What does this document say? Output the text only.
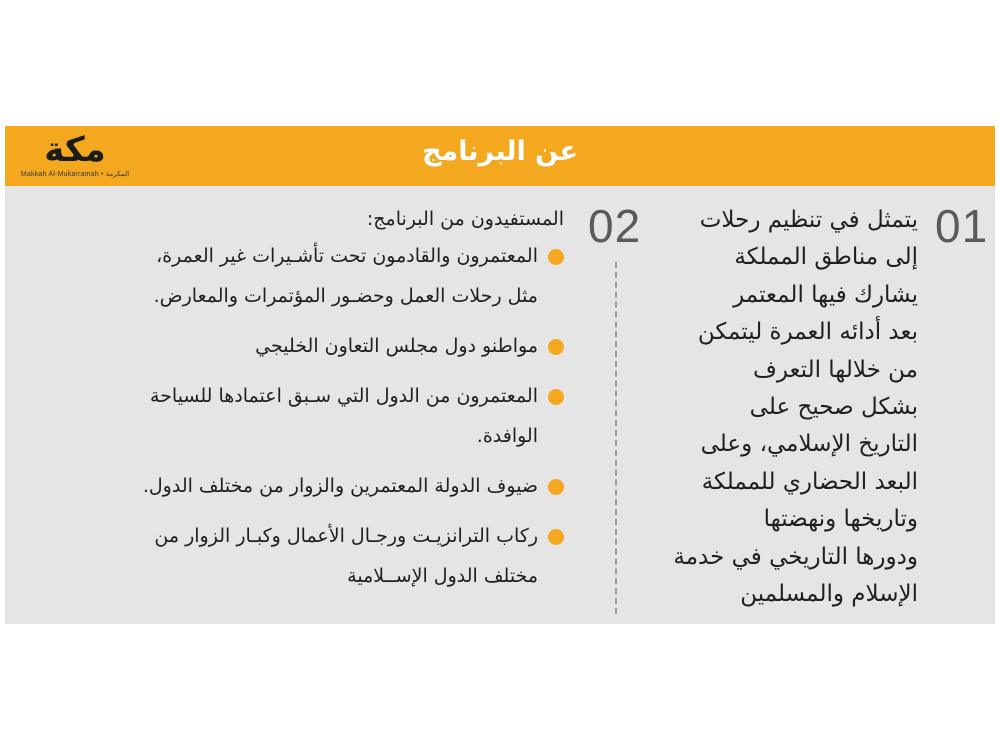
مكة
Makkah Al-Mukarramah • المكرمة
عن البرنامج
01
يتمثل في تنظيم رحلات
إلى مناطق المملكة
يشارك فيها المعتمر
بعد أدائه العمرة ليتمكن
من خلالها التعرف
بشكل صحيح على
التاريخ الإسلامي، وعلى
البعد الحضاري للمملكة
وتاريخها ونهضتها
ودورها التاريخي في خدمة
الإسلام والمسلمين
02
المستفيدون من البرنامج:
المعتمرون والقادمون تحت تأشـيرات غير العمرة،
مثل رحلات العمل وحضـور المؤتمرات والمعارض.
مواطنو دول مجلس التعاون الخليجي
المعتمرون من الدول التي سـبق اعتمادها للسياحة
الوافدة.
ضيوف الدولة المعتمرين والزوار من مختلف الدول.
ركاب الترانزيـت ورجـال الأعمال وكبـار الزوار من
مختلف الدول الإســلامية
